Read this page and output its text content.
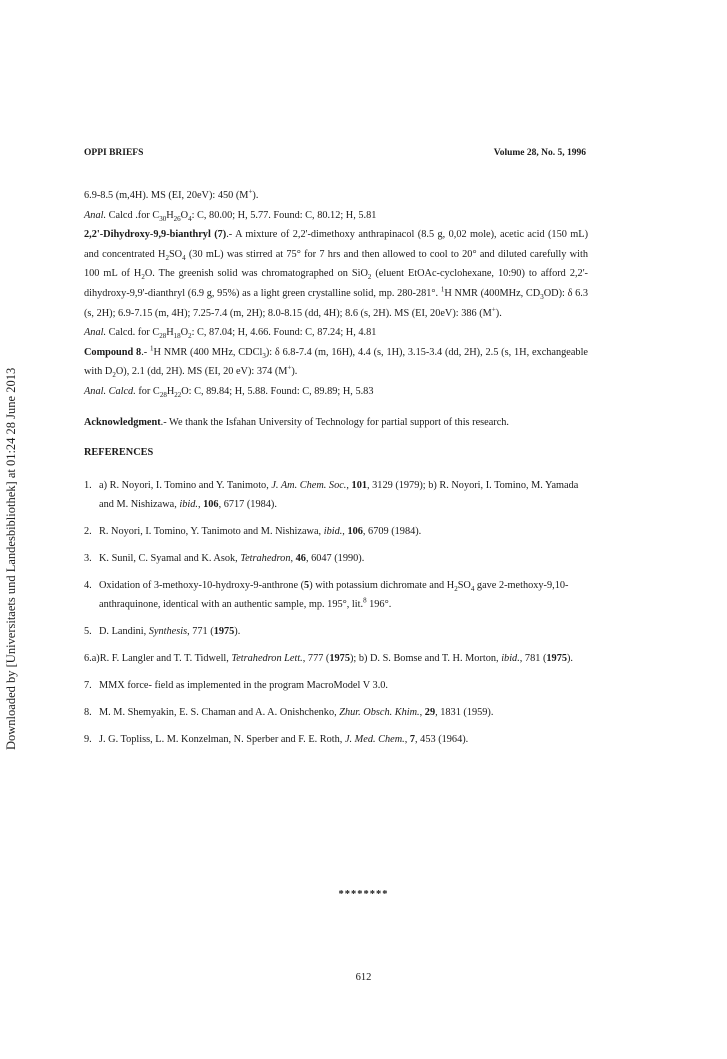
Downloaded by [Universitaets und Landesbibliothek] at 01:24 28 June 2013
OPPI BRIEFS	Volume 28, No. 5, 1996

6.9-8.5 (m,4H). MS (EI, 20eV): 450 (M+).

Anal. Calcd .for $C_{30}H_{26}O_4$: C, 80.00; H, 5.77. Found: C, 80.12; H, 5.81

2,2'-Dihydroxy-9,9-bianthryl (7).- A mixture of 2,2'-dimethoxy anthrapinacol (8.5 g, 0,02 mole), acetic acid (150 mL) and concentrated $H_2SO_4$ (30 mL) was stirred at 75° for 7 hrs and then allowed to cool to 20° and diluted carefully with 100 mL of $H_2O$. The greenish solid was chromatographed on SiO$_2$ (eluent EtOAc-cyclohexane, 10:90) to afford 2,2'-dihydroxy-9,9'-dianthryl (6.9 g, 95%) as a light green crystalline solid, mp. 280-281°. $^1$H NMR (400MHz, $CD_3OD$): δ 6.3 (s, 2H); 6.9-7.15 (m, 4H); 7.25-7.4 (m, 2H); 8.0-8.15 (dd, 4H); 8.6 (s, 2H). MS (EI, 20eV): 386 (M+).

Anal. Calcd. for $C_{28}H_{18}O_2$: C, 87.04; H, 4.66. Found: C, 87.24; H, 4.81

Compound 8.- $^1$H NMR (400 MHz, CDCl$_3$): δ 6.8-7.4 (m, 16H), 4.4 (s, 1H), 3.15-3.4 (dd, 2H), 2.5 (s, 1H, exchangeable with $D_2O$), 2.1 (dd, 2H). MS (EI, 20 eV): 374 (M+).

Anal. Calcd. for $C_{28}H_{22}O$: C, 89.84; H, 5.88. Found: C, 89.89; H, 5.83

Acknowledgment.- We thank the Isfahan University of Technology for partial support of this research.

REFERENCES

1. a) R. Noyori, I. Tomino and Y. Tanimoto, J. Am. Chem. Soc., 101, 3129 (1979); b) R. Noyori, I. Tomino, M. Yamada and M. Nishizawa, ibid., 106, 6717 (1984).
2. R. Noyori, I. Tomino, Y. Tanimoto and M. Nishizawa, ibid., 106, 6709 (1984).
3. K. Sunil, C. Syamal and K. Asok, Tetrahedron, 46, 6047 (1990).
4. Oxidation of 3-methoxy-10-hydroxy-9-anthrone (5) with potassium dichromate and $H_2SO_4$ gave 2-methoxy-9,10-anthraquinone, identical with an authentic sample, mp. 195°, lit.$^8$ 196°.
5. D. Landini, Synthesis, 771 (1975).
6.a) R. F. Langler and T. T. Tidwell, Tetrahedron Lett., 777 (1975); b) D. S. Bomse and T. H. Morton, ibid., 781 (1975).
7. MMX force- field as implemented in the program MacroModel V 3.0.
8. M. M. Shemyakin, E. S. Chaman and A. A. Onishchenko, Zhur. Obsch. Khim., 29, 1831 (1959).
9. J. G. Topliss, L. M. Konzelman, N. Sperber and F. E. Roth, J. Med. Chem., 7, 453 (1964).
********
612
